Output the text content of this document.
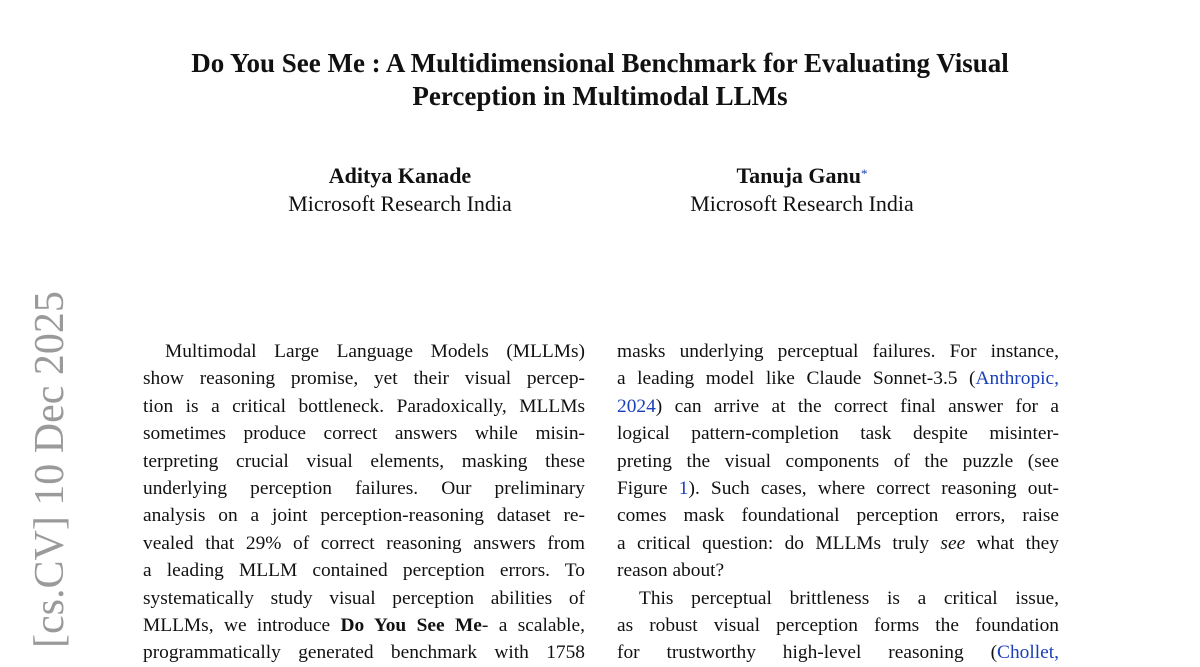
[cs.CV] 10 Dec 2025
Do You See Me : A Multidimensional Benchmark for Evaluating Visual
Perception in Multimodal LLMs
Aditya Kanade
Microsoft Research India
Tanuja Ganu*
Microsoft Research India
Multimodal Large Language Models (MLLMs)
show reasoning promise, yet their visual percep-
tion is a critical bottleneck. Paradoxically, MLLMs
sometimes produce correct answers while misin-
terpreting crucial visual elements, masking these
underlying perception failures. Our preliminary
analysis on a joint perception-reasoning dataset re-
vealed that 29% of correct reasoning answers from
a leading MLLM contained perception errors. To
systematically study visual perception abilities of
MLLMs, we introduce Do You See Me- a scalable,
programmatically generated benchmark with 1758
masks underlying perceptual failures. For instance,
a leading model like Claude Sonnet-3.5 (Anthropic,
2024) can arrive at the correct final answer for a
logical pattern-completion task despite misinter-
preting the visual components of the puzzle (see
Figure 1). Such cases, where correct reasoning out-
comes mask foundational perception errors, raise
a critical question: do MLLMs truly see what they
reason about?
This perceptual brittleness is a critical issue,
as robust visual perception forms the foundation
for trustworthy high-level reasoning (Chollet,
